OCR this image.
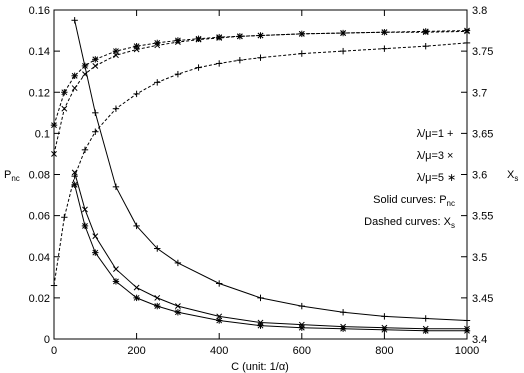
0	200	400	600	800	1000
0
0.02
0.04
0.06
0.08
0.1
0.12
0.14
0.16
3.4
3.45
3.5
3.55
3.6
3.65
3.7
3.75
3.8
C (unit: 1/α)
$P_{nc}$	$X_s$
λ/μ=1
λ/μ=3
λ/μ=5
+
×
∗
Solid curves: $P_{nc}$
Dashed curves: $X_s$
